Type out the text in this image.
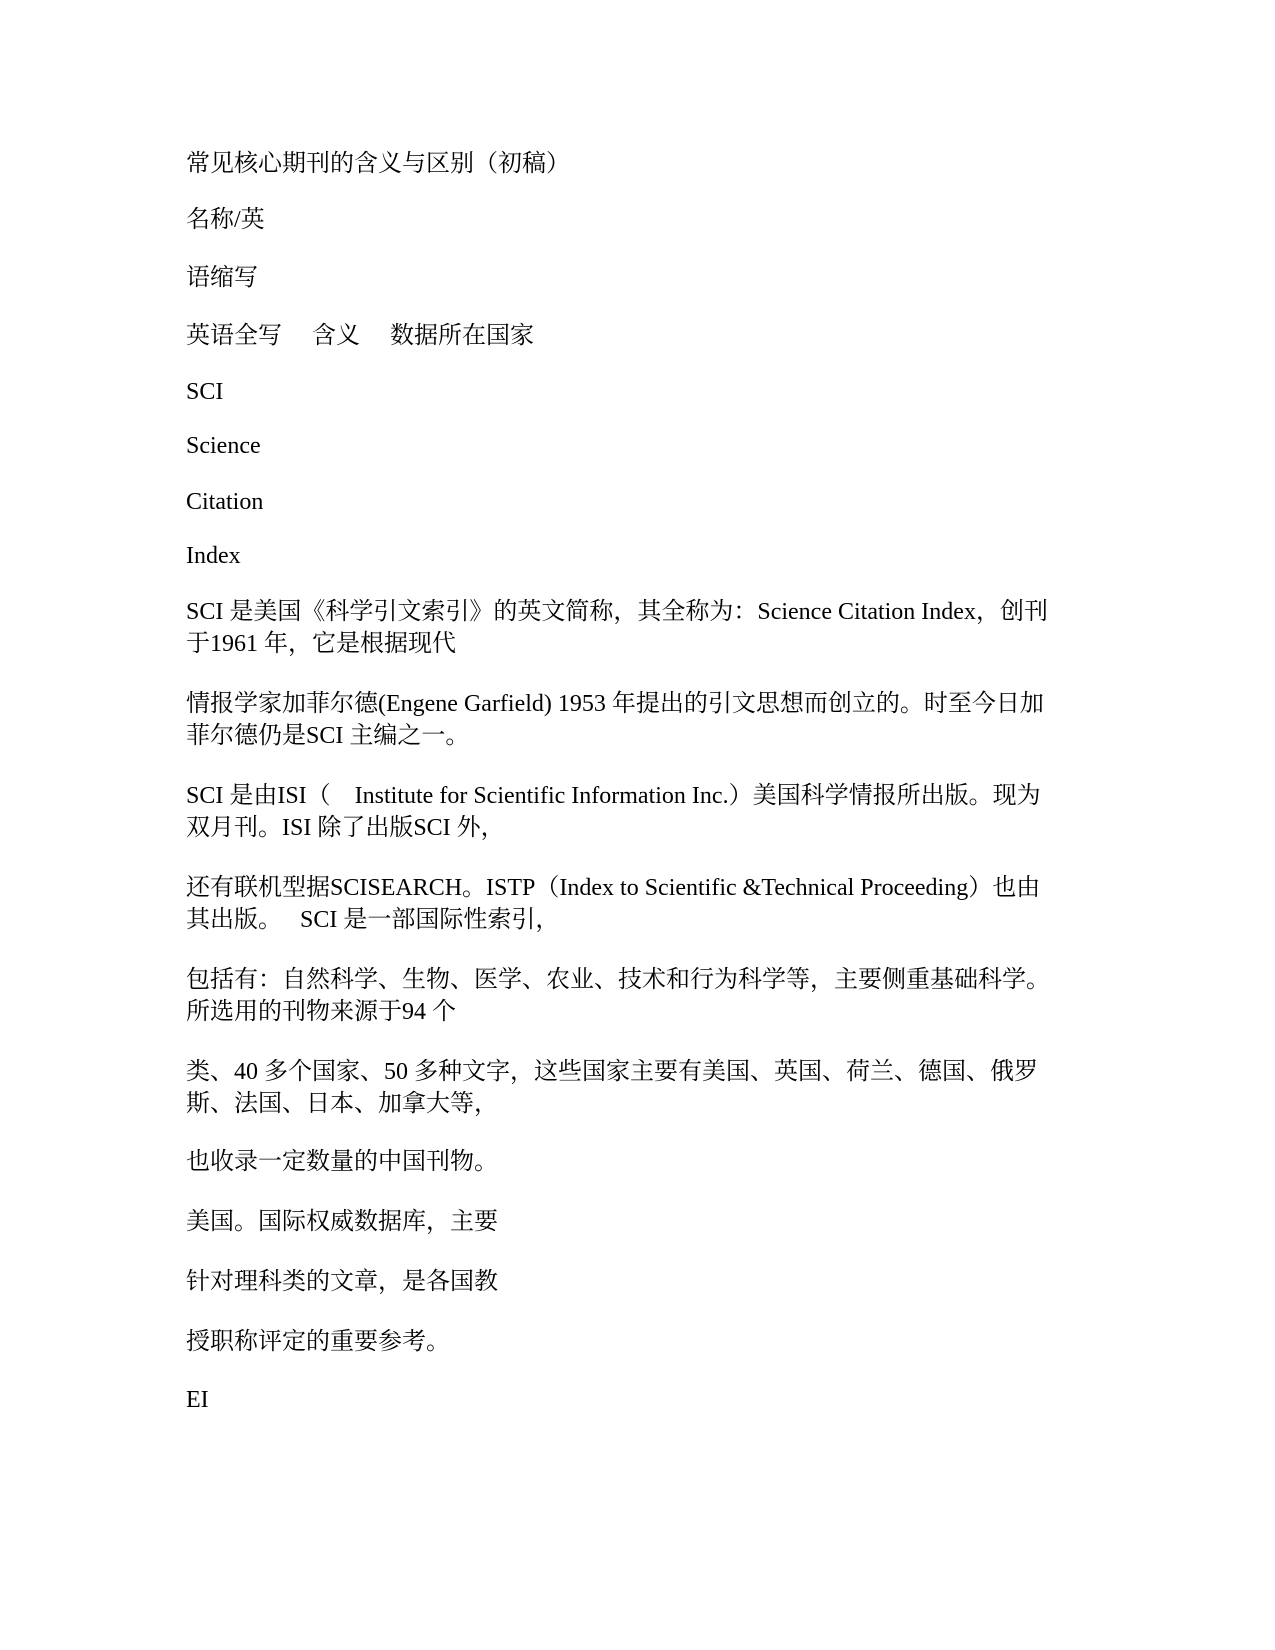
常见核心期刊的含义与区别（初稿）

名称/英

语缩写

英语全写　 含义　 数据所在国家

SCI

Science

Citation

Index

SCI 是美国《科学引文索引》的英文简称，其全称为：Science Citation Index，创刊
于1961 年，它是根据现代
情报学家加菲尔德(Engene Garfield) 1953 年提出的引文思想而创立的。时至今日加
菲尔德仍是SCI 主编之一。
SCI 是由ISI（　Institute for Scientific Information Inc.）美国科学情报所出版。现为
双月刊。ISI 除了出版SCI 外，
还有联机型据SCISEARCH。ISTP（Index to Scientific &Technical Proceeding）也由
其出版。　 SCI 是一部国际性索引，
包括有：自然科学、生物、医学、农业、技术和行为科学等，主要侧重基础科学。
所选用的刊物来源于94 个
类、40 多个国家、50 多种文字，这些国家主要有美国、英国、荷兰、德国、俄罗
斯、法国、日本、加拿大等，

也收录一定数量的中国刊物。

美国。国际权威数据库，主要

针对理科类的文章，是各国教

授职称评定的重要参考。

EI
